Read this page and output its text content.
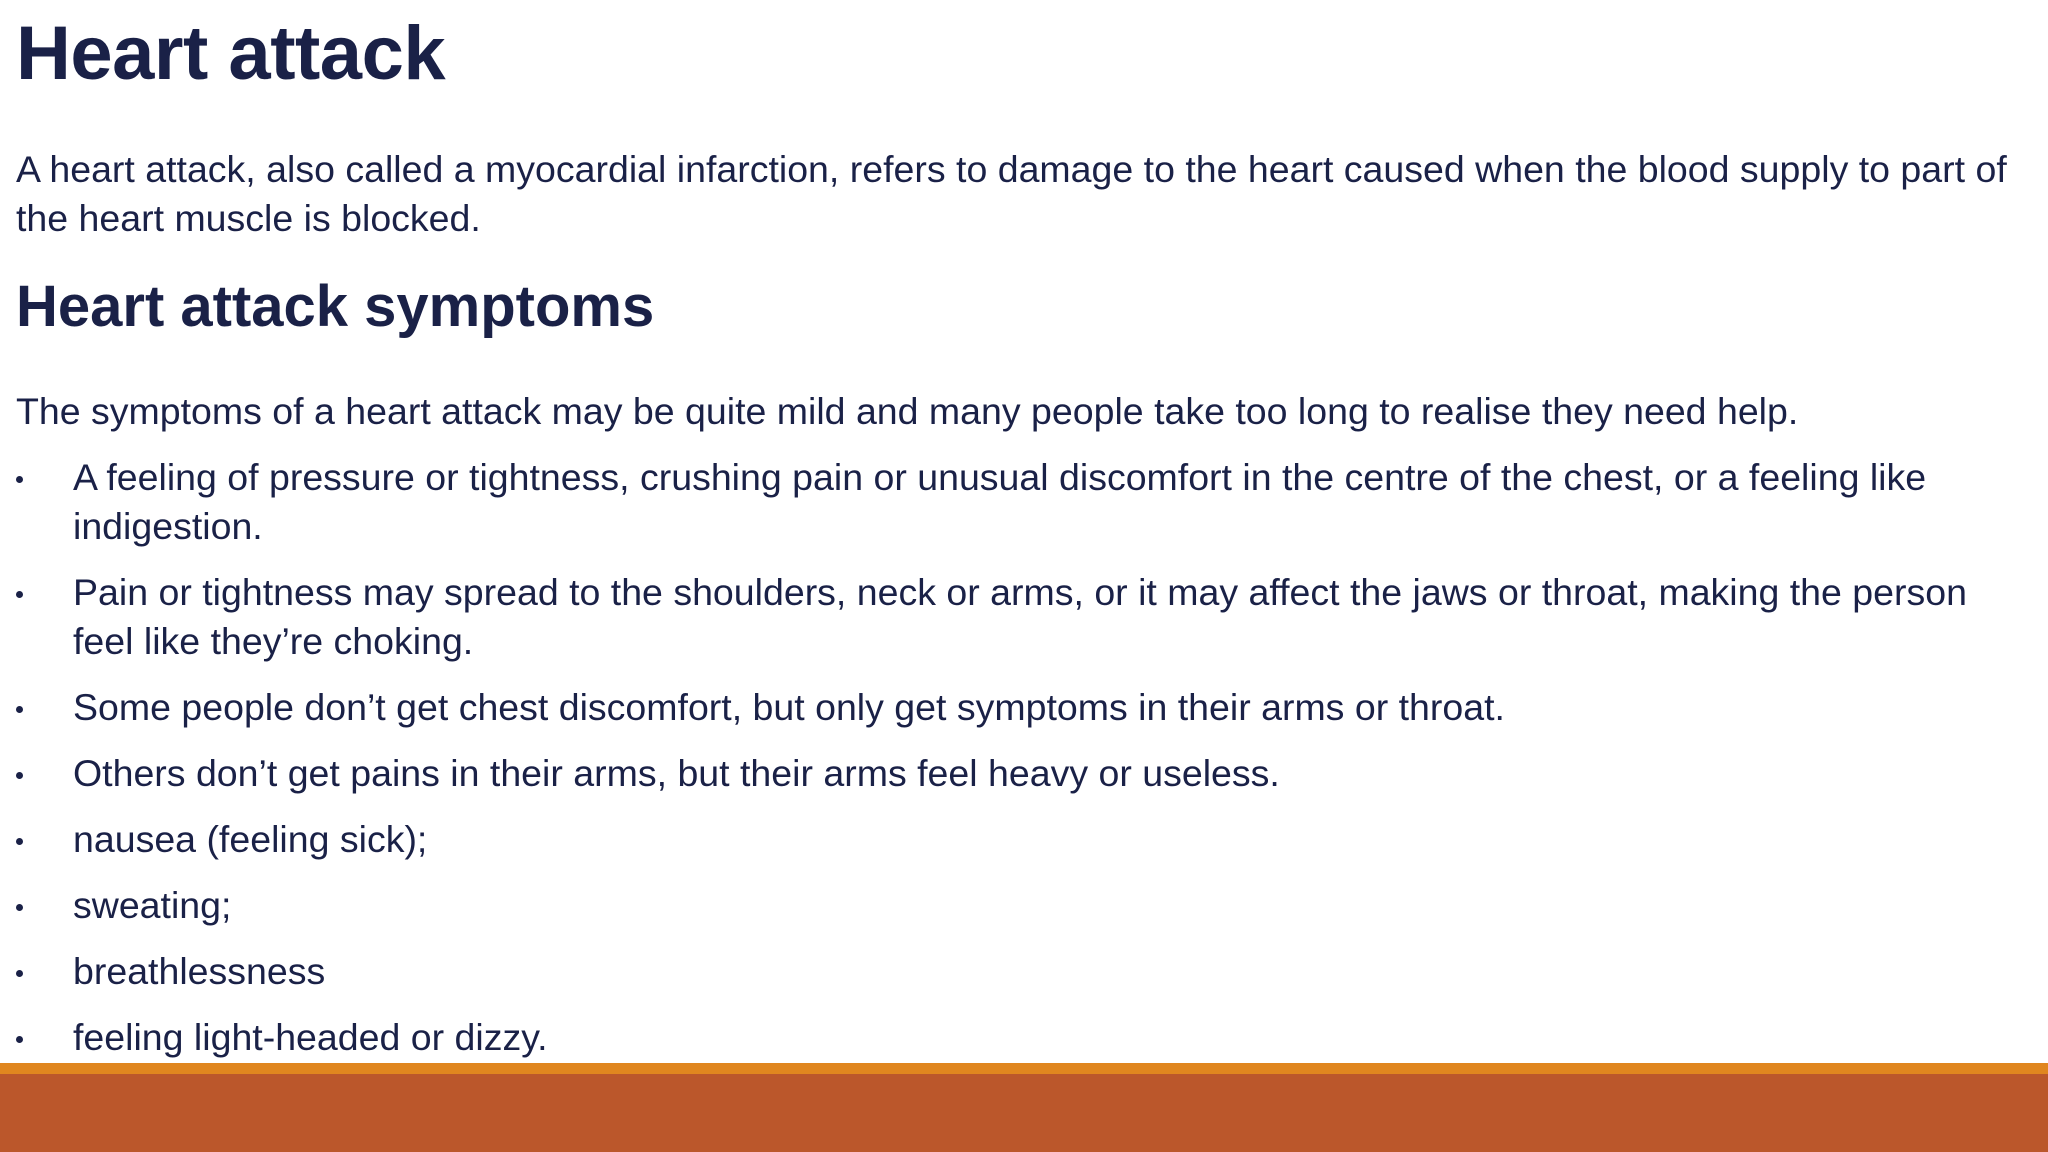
Heart attack

A heart attack, also called a myocardial infarction, refers to damage to the heart caused when the blood supply to part of the heart muscle is blocked.

Heart attack symptoms

The symptoms of a heart attack may be quite mild and many people take too long to realise they need help.

A feeling of pressure or tightness, crushing pain or unusual discomfort in the centre of the chest, or a feeling like indigestion.
Pain or tightness may spread to the shoulders, neck or arms, or it may affect the jaws or throat, making the person feel like they’re choking.
Some people don’t get chest discomfort, but only get symptoms in their arms or throat.
Others don’t get pains in their arms, but their arms feel heavy or useless.
nausea (feeling sick);
sweating;
breathlessness
feeling light-headed or dizzy.
